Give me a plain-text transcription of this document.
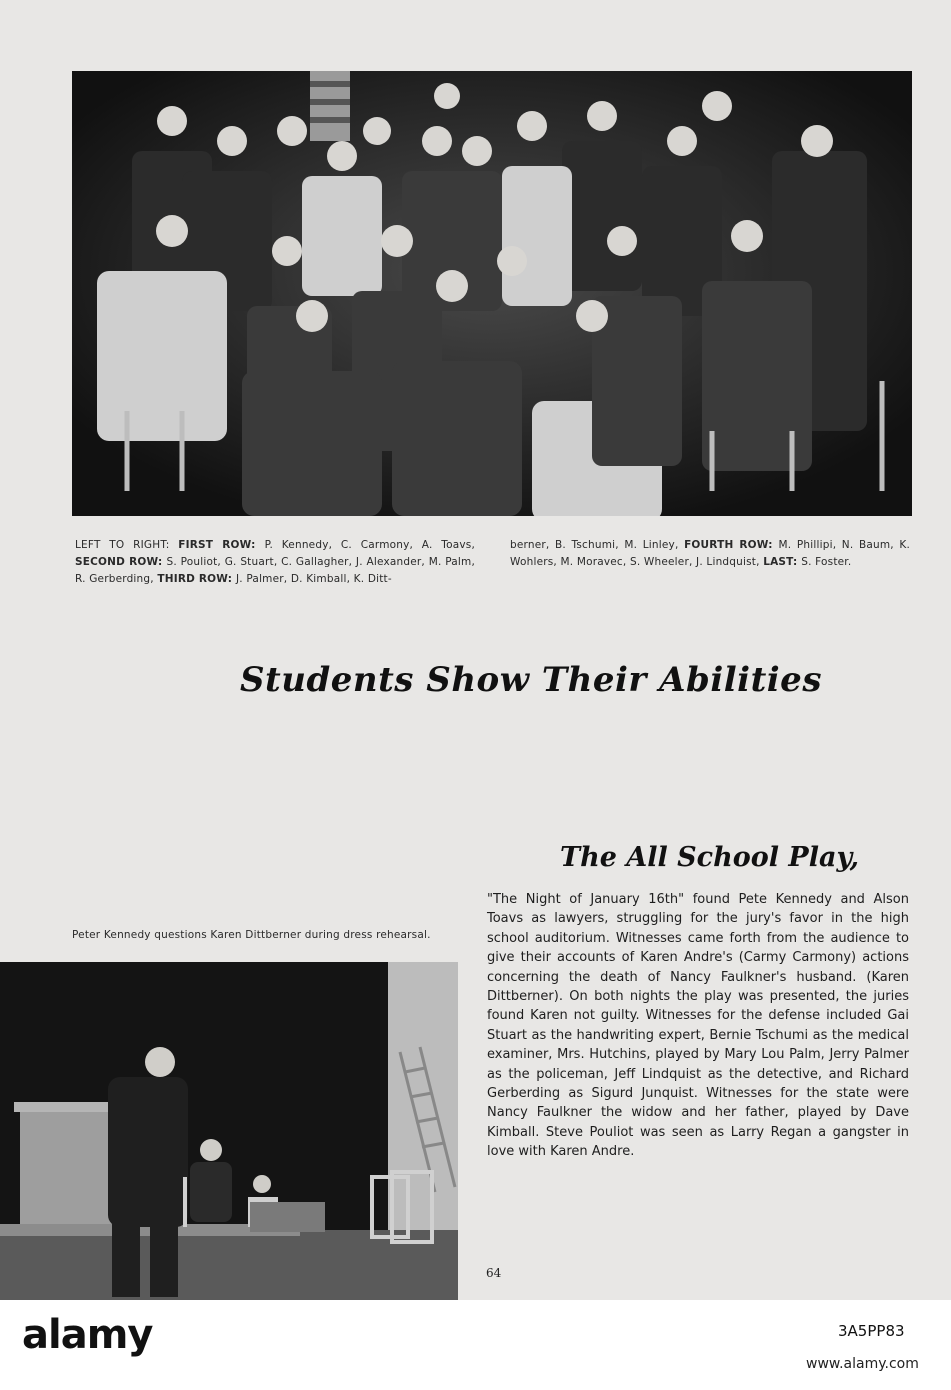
LEFT TO RIGHT: FIRST ROW: P. Kennedy, C. Carmony, A. Toavs, SECOND ROW: S. Pouliot, G. Stuart, C. Gallagher, J. Alexander, M. Palm, R. Gerberding, THIRD ROW: J. Palmer, D. Kimball, K. Ditt-
berner, B. Tschumi, M. Linley, FOURTH ROW: M. Phillipi, N. Baum, K. Wohlers, M. Moravec, S. Wheeler, J. Lindquist, LAST: S. Foster.
Students Show Their Abilities
The All School Play,
Peter Kennedy questions Karen Dittberner during dress rehearsal.
"The Night of January 16th" found Pete Kennedy and Alson Toavs as lawyers, struggling for the jury's favor in the high school auditorium. Witnesses came forth from the audience to give their accounts of Karen Andre's (Carmy Carmony) actions concerning the death of Nancy Faulkner's husband. (Karen Dittberner). On both nights the play was presented, the juries found Karen not guilty. Witnesses for the defense included Gai Stuart as the handwriting expert, Bernie Tschumi as the medical examiner, Mrs. Hutchins, played by Mary Lou Palm, Jerry Palmer as the policeman, Jeff Lindquist as the detective, and Richard Gerberding as Sigurd Junquist. Witnesses for the state were Nancy Faulkner the widow and her father, played by Dave Kimball. Steve Pouliot was seen as Larry Regan a gangster in love with Karen Andre.
64
alamy	3A5PP83
www.alamy.com
